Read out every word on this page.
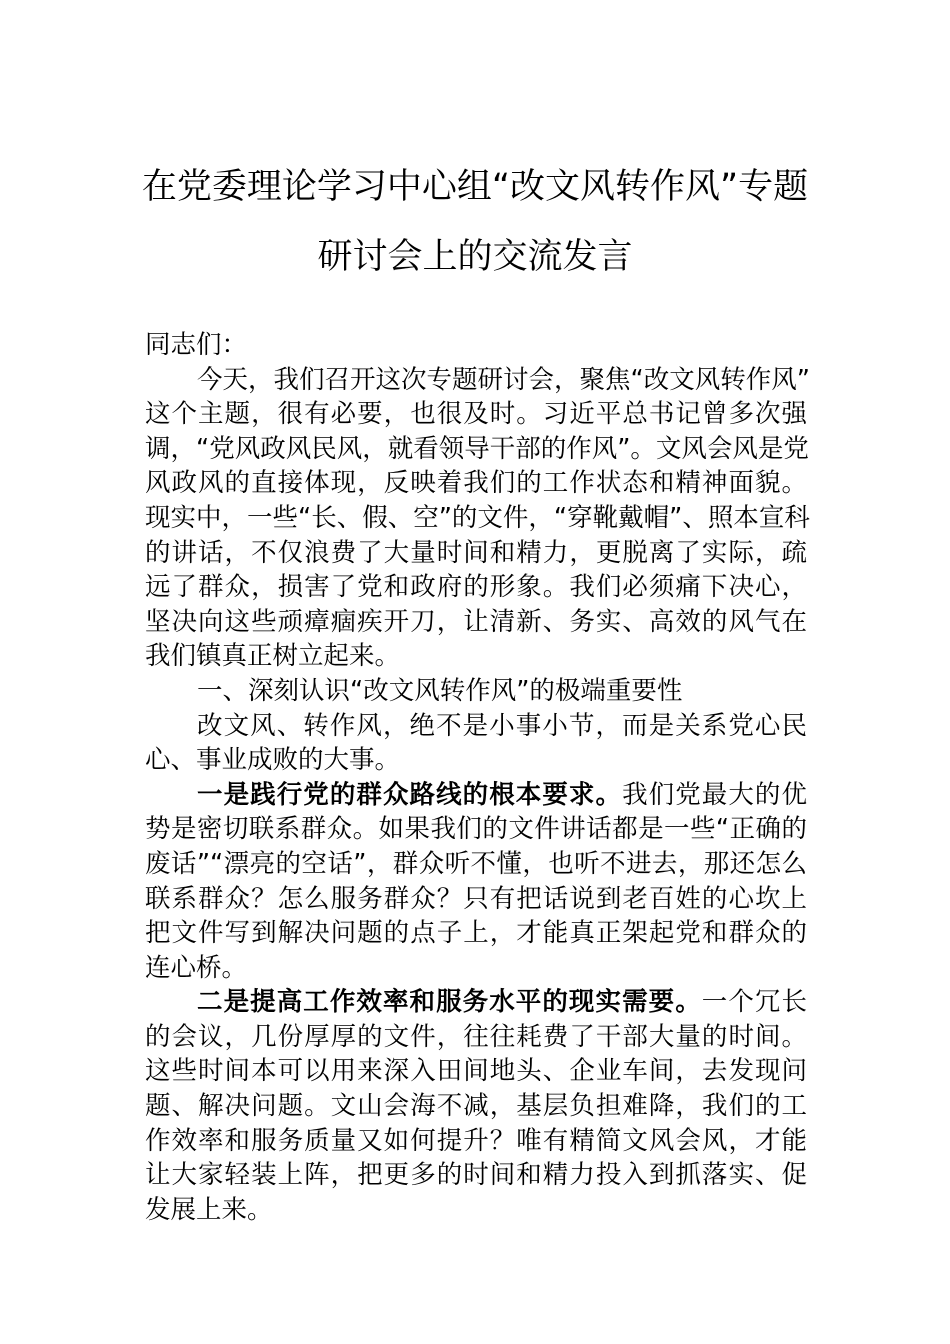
在党委理论学习中心组“改文风转作风”专题
研讨会上的交流发言
同志们：
今天，我们召开这次专题研讨会，聚焦“改文风转作风”
这个主题，很有必要，也很及时。习近平总书记曾多次强
调，“党风政风民风，就看领导干部的作风”。文风会风是党
风政风的直接体现，反映着我们的工作状态和精神面貌。
现实中，一些“长、假、空”的文件，“穿靴戴帽”、照本宣科
的讲话，不仅浪费了大量时间和精力，更脱离了实际，疏
远了群众，损害了党和政府的形象。我们必须痛下决心，
坚决向这些顽瘴痼疾开刀，让清新、务实、高效的风气在
我们镇真正树立起来。
一、深刻认识“改文风转作风”的极端重要性
改文风、转作风，绝不是小事小节，而是关系党心民
心、事业成败的大事。
一是践行党的群众路线的根本要求。我们党最大的优
势是密切联系群众。如果我们的文件讲话都是一些“正确的
废话”“漂亮的空话”，群众听不懂，也听不进去，那还怎么
联系群众？怎么服务群众？只有把话说到老百姓的心坎上
把文件写到解决问题的点子上，才能真正架起党和群众的
连心桥。
二是提高工作效率和服务水平的现实需要。一个冗长
的会议，几份厚厚的文件，往往耗费了干部大量的时间。
这些时间本可以用来深入田间地头、企业车间，去发现问
题、解决问题。文山会海不减，基层负担难降，我们的工
作效率和服务质量又如何提升？唯有精简文风会风，才能
让大家轻装上阵，把更多的时间和精力投入到抓落实、促
发展上来。
